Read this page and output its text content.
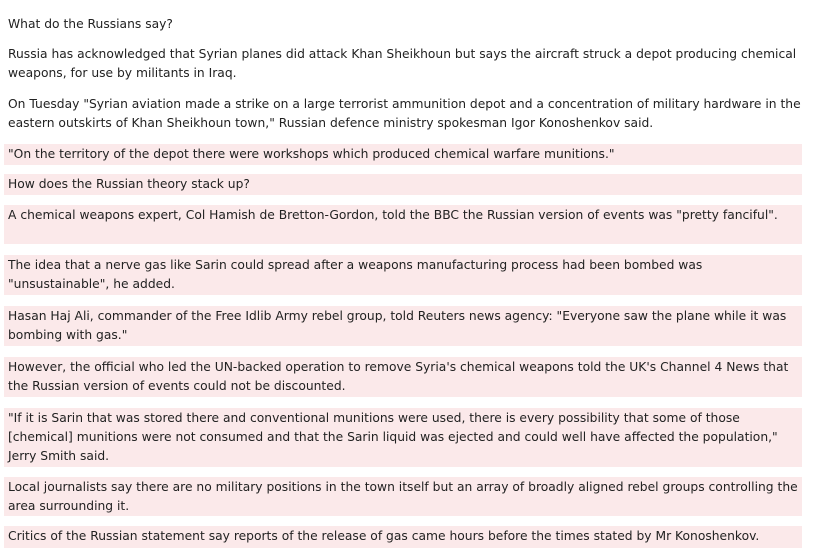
What do the Russians say?

Russia has acknowledged that Syrian planes did attack Khan Sheikhoun but says the aircraft struck a depot producing chemical weapons, for use by militants in Iraq.

On Tuesday "Syrian aviation made a strike on a large terrorist ammunition depot and a concentration of military hardware in the eastern outskirts of Khan Sheikhoun town," Russian defence ministry spokesman Igor Konoshenkov said.

"On the territory of the depot there were workshops which produced chemical warfare munitions."

How does the Russian theory stack up?

A chemical weapons expert, Col Hamish de Bretton-Gordon, told the BBC the Russian version of events was "pretty fanciful".

The idea that a nerve gas like Sarin could spread after a weapons manufacturing process had been bombed was "unsustainable", he added.

Hasan Haj Ali, commander of the Free Idlib Army rebel group, told Reuters news agency: "Everyone saw the plane while it was bombing with gas."

However, the official who led the UN-backed operation to remove Syria's chemical weapons told the UK's Channel 4 News that the Russian version of events could not be discounted.

"If it is Sarin that was stored there and conventional munitions were used, there is every possibility that some of those [chemical] munitions were not consumed and that the Sarin liquid was ejected and could well have affected the population," Jerry Smith said.

Local journalists say there are no military positions in the town itself but an array of broadly aligned rebel groups controlling the area surrounding it.

Critics of the Russian statement say reports of the release of gas came hours before the times stated by Mr Konoshenkov.
